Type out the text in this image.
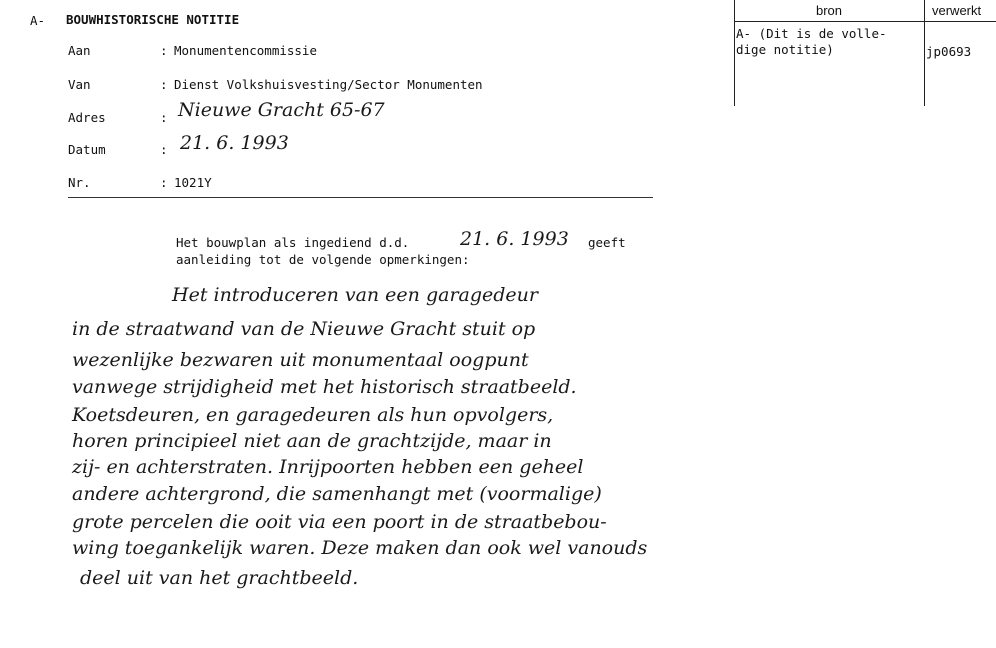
A- BOUWHISTORISCHE NOTITIE
Aan	: Monumentencommissie
Van	: Dienst Volkshuisvesting/Sector Monumenten
Adres	: Nieuwe Gracht 65-67
Datum	: 21. 6. 1993
Nr.	: 1021Y
Het bouwplan als ingediend d.d.	21. 6. 1993 geeft
aanleiding tot de volgende opmerkingen:
Het introduceren van een garagedeur
in de straatwand van de Nieuwe Gracht stuit op
wezenlijke bezwaren uit monumentaal oogpunt
vanwege strijdigheid met het historisch straatbeeld.
Koetsdeuren, en garagedeuren als hun opvolgers,
horen principieel niet aan de grachtzijde, maar in
zij- en achterstraten. Inrijpoorten hebben een geheel
andere achtergrond, die samenhangt met (voormalige)
grote percelen die ooit via een poort in de straatbebou-
wing toegankelijk waren. Deze maken dan ook wel vanouds
deel uit van het grachtbeeld.
bron	verwerkt
A- (Dit is de volle-
dige notitie)	jp0693
